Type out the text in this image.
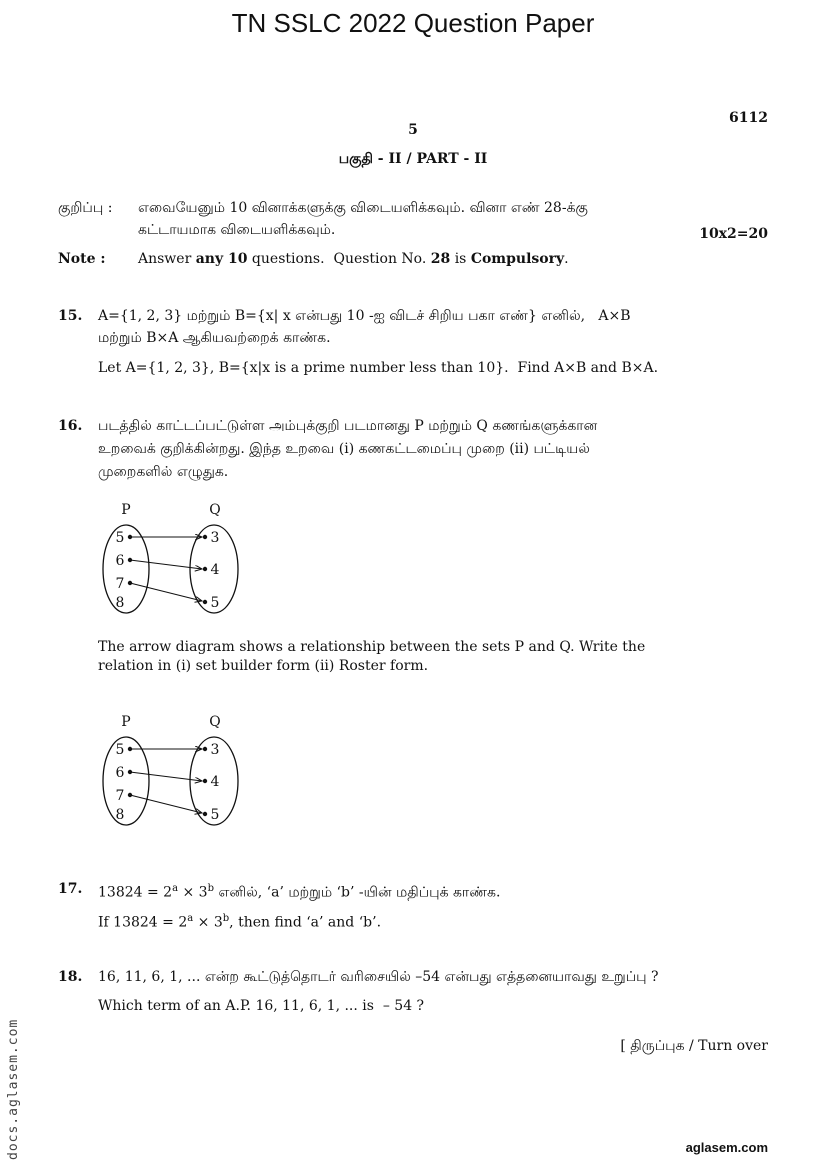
TN SSLC 2022 Question Paper
5
6112
பகுதி - II / PART - II
குறிப்பு : எவையேனும் 10 வினாக்களுக்கு விடையளிக்கவும். வினா எண் 28-க்கு
கட்டாயமாக விடையளிக்கவும்.	10x2=20
Note : Answer any 10 questions.  Question No. 28 is Compulsory.
15. A={1, 2, 3} மற்றும் B={x| x என்பது 10 -ஐ விடச் சிறிய பகா எண்} எனில்,   A×B
மற்றும் B×A ஆகியவற்றைக் காண்க.
Let A={1, 2, 3}, B={x|x is a prime number less than 10}.  Find A×B and B×A.
16. படத்தில் காட்டப்பட்டுள்ள அம்புக்குறி படமானது P மற்றும் Q கணங்களுக்கான
உறவைக் குறிக்கின்றது. இந்த உறவை (i) கணகட்டமைப்பு முறை (ii) பட்டியல்
முறைகளில் எழுதுக.
P	Q
5
6
7
8
3
4
5
The arrow diagram shows a relationship between the sets P and Q. Write the
relation in (i) set builder form (ii) Roster form.
P	Q
5
6
7
8
3
4
5
17. $13824 = 2^a \times 3^b$ எனில், ‘a’ மற்றும் ‘b’ -யின் மதிப்புக் காண்க.
If $13824 = 2^a \times 3^b$, then find ‘a’ and ‘b’.
18. 16, 11, 6, 1, ... என்ற கூட்டுத்தொடர் வரிசையில் –54 என்பது எத்தனையாவது உறுப்பு ?
Which term of an A.P. 16, 11, 6, 1, ... is  – 54 ?
[ திருப்புக / Turn over
docs.aglasem.com	aglasem.com
